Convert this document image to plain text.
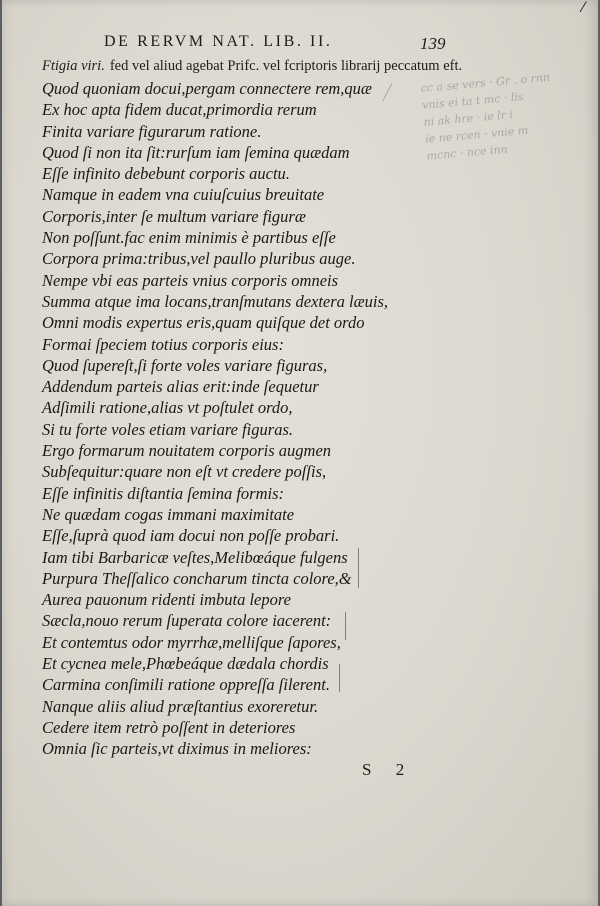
⁄
DE RERVM NAT. LIB. II.	139
Ftigia viri. fed vel aliud agebat Prifc. vel fcriptoris librarij peccatum eft.
Quod quoniam docui,pergam connectere rem,quæ
Ex hoc apta fidem ducat,primordia rerum
Finita variare figurarum ratione.
Quod ſi non ita ſit:rurſum iam ſemina quædam
Eſſe infinito debebunt corporis auctu.
Namque in eadem vna cuiuſcuius breuitate
Corporis,inter ſe multum variare figuræ
Non poſſunt.fac enim minimis è partibus eſſe
Corpora prima:tribus,vel paullo pluribus auge.
Nempe vbi eas parteis vnius corporis omneis
Summa atque ima locans,tranſmutans dextera læuis,
Omni modis expertus eris,quam quiſque det ordo
Formai ſpeciem totius corporis eius:
Quod ſupereſt,ſi forte voles variare figuras,
Addendum parteis alias erit:inde ſequetur
Adſimili ratione,alias vt poſtulet ordo,
Si tu forte voles etiam variare figuras.
Ergo formarum nouitatem corporis augmen
Subſequitur:quare non eſt vt credere poſſis,
Eſſe infinitis diſtantia ſemina formis:
Ne quædam cogas immani maximitate
Eſſe,ſuprà quod iam docui non poſſe probari.
Iam tibi Barbaricæ veſtes,Melibœáque fulgens
Purpura Theſſalico concharum tincta colore,&
Aurea pauonum ridenti imbuta lepore
Sæcla,nouo rerum ſuperata colore iacerent:
Et contemtus odor myrrhæ,melliſque ſapores,
Et cycnea mele,Phœbeáque dædala chordis
Carmina conſimili ratione oppreſſa ſilerent.
Nanque aliis aliud præſtantius exoreretur.
Cedere item retrò poſſent in deteriores
Omnia ſic parteis,vt diximus in meliores:
cc a se vers · Gr . o rnn
vnis ei ta t mc · lis
ni ak hre · ie lr i
ie ne rcen · vnie m
mcnc · nce inn
S 2
